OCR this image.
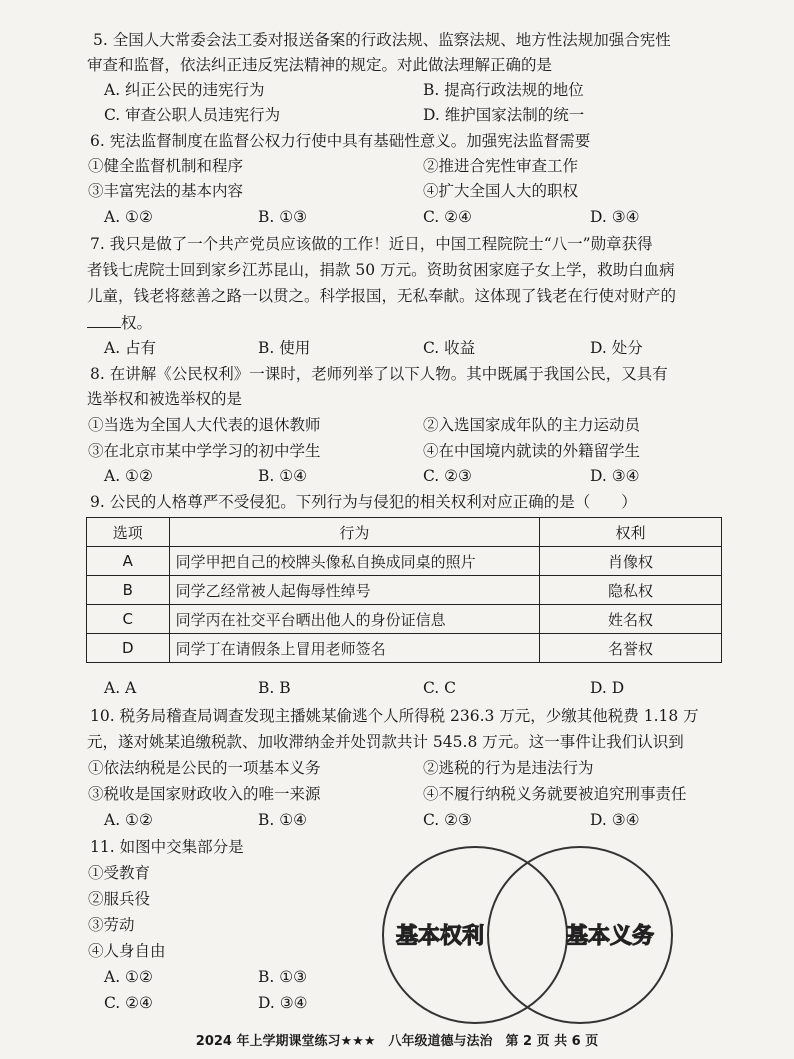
5. 全国人大常委会法工委对报送备案的行政法规、监察法规、地方性法规加强合宪性
审查和监督，依法纠正违反宪法精神的规定。对此做法理解正确的是
A. 纠正公民的违宪行为	B. 提高行政法规的地位
C. 审查公职人员违宪行为	D. 维护国家法制的统一
6. 宪法监督制度在监督公权力行使中具有基础性意义。加强宪法监督需要
①健全监督机制和程序	②推进合宪性审查工作
③丰富宪法的基本内容	④扩大全国人大的职权
A. ①②	B. ①③	C. ②④	D. ③④
7. 我只是做了一个共产党员应该做的工作！近日，中国工程院院士“八一”勋章获得
者钱七虎院士回到家乡江苏昆山，捐款 50 万元。资助贫困家庭子女上学，救助白血病
儿童，钱老将慈善之路一以贯之。科学报国，无私奉献。这体现了钱老在行使对财产的
权。
A. 占有	B. 使用	C. 收益	D. 处分
8. 在讲解《公民权利》一课时，老师列举了以下人物。其中既属于我国公民，又具有
选举权和被选举权的是
①当选为全国人大代表的退休教师	②入选国家成年队的主力运动员
③在北京市某中学学习的初中学生	④在中国境内就读的外籍留学生
A. ①②	B. ①④	C. ②③	D. ③④
9. 公民的人格尊严不受侵犯。下列行为与侵犯的相关权利对应正确的是（　　）
选项	行为	权利
A	同学甲把自己的校牌头像私自换成同桌的照片	肖像权
B	同学乙经常被人起侮辱性绰号	隐私权
C	同学丙在社交平台晒出他人的身份证信息	姓名权
D	同学丁在请假条上冒用老师签名	名誉权
A. A	B. B	C. C	D. D
10. 税务局稽查局调查发现主播姚某偷逃个人所得税 236.3 万元，少缴其他税费 1.18 万
元，遂对姚某追缴税款、加收滞纳金并处罚款共计 545.8 万元。这一事件让我们认识到
①依法纳税是公民的一项基本义务	②逃税的行为是违法行为
③税收是国家财政收入的唯一来源	④不履行纳税义务就要被追究刑事责任
A. ①②	B. ①④	C. ②③	D. ③④
11. 如图中交集部分是
①受教育
②服兵役
③劳动
④人身自由
A. ①②	B. ①③
C. ②④	D. ③④
基本权利	基本义务
2024 年上学期课堂练习★★★　八年级道德与法治　第 2 页 共 6 页
